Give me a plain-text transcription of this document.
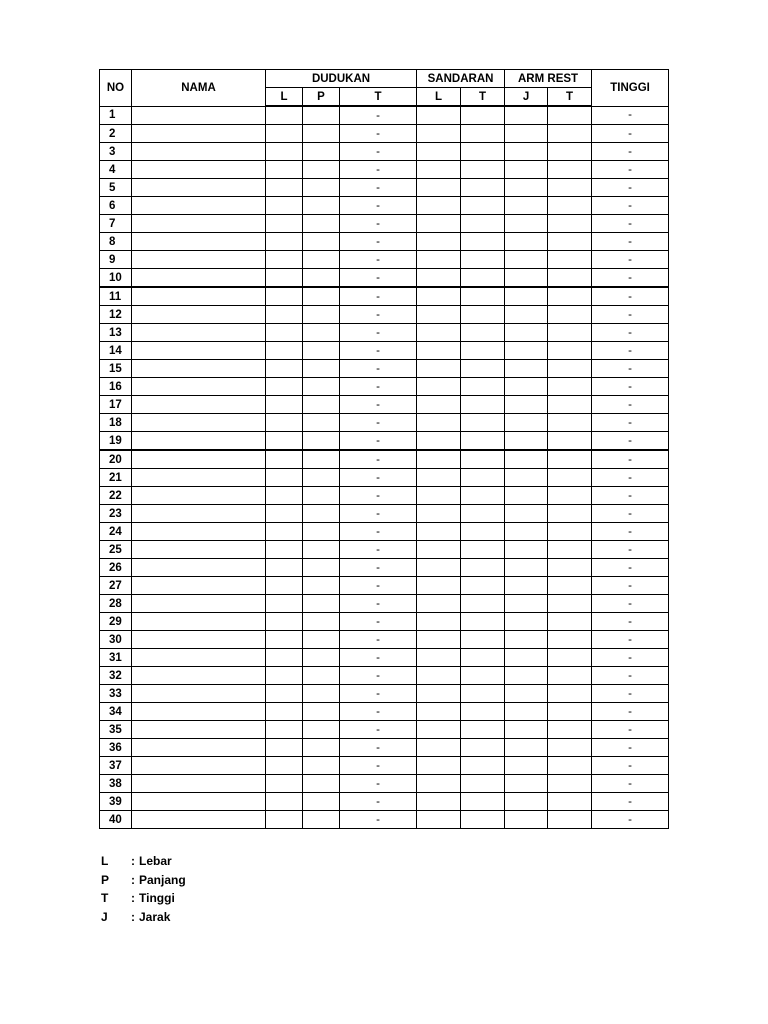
NO	NAMA	DUDUKAN			SANDARAN		ARM REST		TINGGI
		L	P	T	L	T	J	T	
1				-					-
2				-					-
3				-					-
4				-					-
5				-					-
6				-					-
7				-					-
8				-					-
9				-					-
10				-					-
11				-					-
12				-					-
13				-					-
14				-					-
15				-					-
16				-					-
17				-					-
18				-					-
19				-					-
20				-					-
21				-					-
22				-					-
23				-					-
24				-					-
25				-					-
26				-					-
27				-					-
28				-					-
29				-					-
30				-					-
31				-					-
32				-					-
33				-					-
34				-					-
35				-					-
36				-					-
37				-					-
38				-					-
39				-					-
40				-					-
L	: Lebar
P	: Panjang
T	: Tinggi
J	: Jarak
